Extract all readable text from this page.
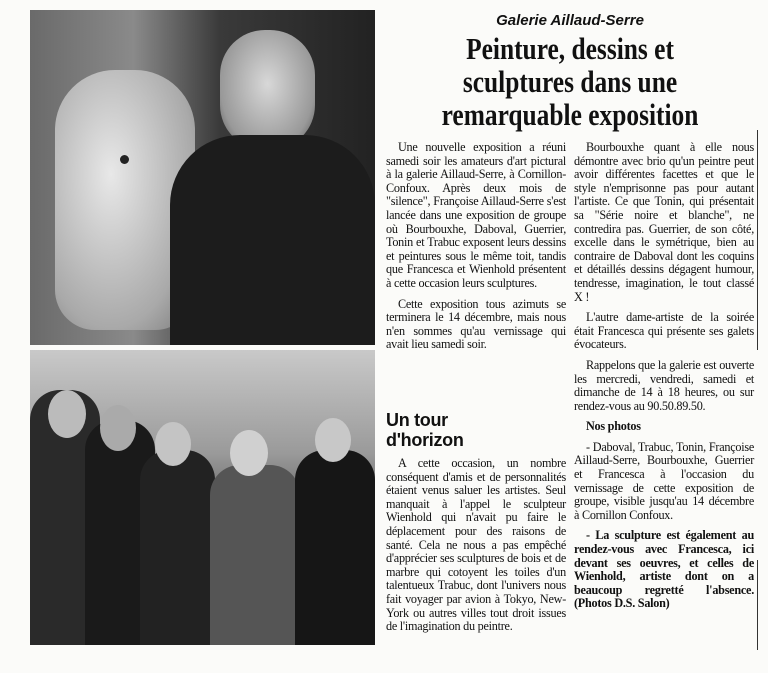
Galerie Aillaud-Serre
Peinture, dessins et
sculptures dans une
remarquable exposition

Une nouvelle exposition a réuni samedi soir les amateurs d'art pictural à la galerie Aillaud-Serre, à Cornillon-Confoux. Après deux mois de "silence", Françoise Aillaud-Serre s'est lancée dans une exposition de groupe où Bourbouxhe, Daboval, Guerrier, Tonin et Trabuc exposent leurs dessins et peintures sous le même toit, tandis que Francesca et Wienhold présentent à cette occasion leurs sculptures.

Cette exposition tous azimuts se terminera le 14 décembre, mais nous n'en sommes qu'au vernissage qui avait lieu samedi soir.

Un tour d'horizon

A cette occasion, un nombre conséquent d'amis et de personnalités étaient venus saluer les artistes. Seul manquait à l'appel le sculpteur Wienhold qui n'avait pu faire le déplacement pour des raisons de santé. Cela ne nous a pas empêché d'apprécier ses sculptures de bois et de marbre qui cotoyent les toiles d'un talentueux Trabuc, dont l'univers nous fait voyager par avion à Tokyo, New-York ou autres villes tout droit issues de l'imagination du peintre.

Bourbouxhe quant à elle nous démontre avec brio qu'un peintre peut avoir différentes facettes et que le style n'emprisonne pas pour autant l'artiste. Ce que Tonin, qui présentait sa "Série noire et blanche", ne contredira pas. Guerrier, de son côté, excelle dans le symétrique, bien au contraire de Daboval dont les coquins et détaillés dessins dégagent humour, tendresse, imagination, le tout classé X !

L'autre dame-artiste de la soirée était Francesca qui présente ses galets évocateurs.

Rappelons que la galerie est ouverte les mercredi, vendredi, samedi et dimanche de 14 à 18 heures, ou sur rendez-vous au 90.50.89.50.

Nos photos

- Daboval, Trabuc, Tonin, Françoise Aillaud-Serre, Bourbouxhe, Guerrier et Francesca à l'occasion du vernissage de cette exposition de groupe, visible jusqu'au 14 décembre à Cornillon Confoux.

- La sculpture est également au rendez-vous avec Francesca, ici devant ses oeuvres, et celles de Wienhold, artiste dont on a beaucoup regretté l'absence. (Photos D.S. Salon)
